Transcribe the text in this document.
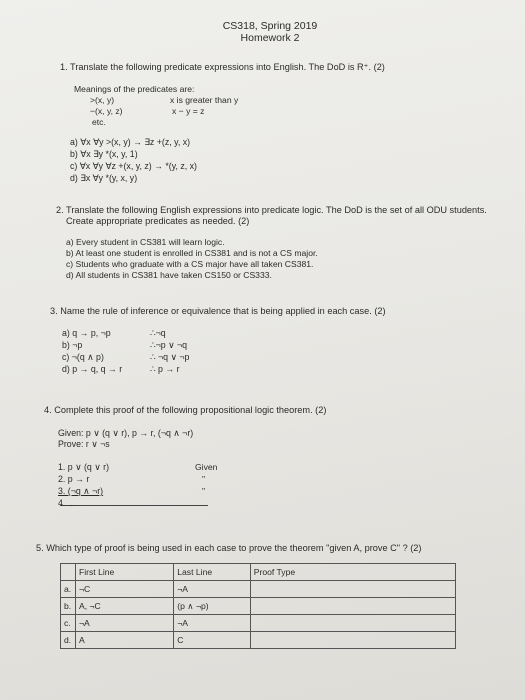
CS318, Spring 2019
Homework 2
1. Translate the following predicate expressions into English. The DoD is R⁺. (2)
Meanings of the predicates are:
>(x, y)	x is greater than y
−(x, y, z)	x − y = z
etc.
a) ∀x ∀y >(x, y) → ∃z +(z, y, x)
b) ∀x ∃y *(x, y, 1)
c) ∀x ∀y ∀z +(x, y, z) → *(y, z, x)
d) ∃x ∀y *(y, x, y)
2. Translate the following English expressions into predicate logic. The DoD is the set of all ODU students.
Create appropriate predicates as needed. (2)
a) Every student in CS381 will learn logic.
b) At least one student is enrolled in CS381 and is not a CS major.
c) Students who graduate with a CS major have all taken CS381.
d) All students in CS381 have taken CS150 or CS333.
3. Name the rule of inference or equivalence that is being applied in each case. (2)
a) q → p, ¬p	∴¬q
b) ¬p	∴¬p ∨ ¬q
c) ¬(q ∧ p)	∴ ¬q ∨ ¬p
d) p → q, q → r	∴ p → r
4. Complete this proof of the following propositional logic theorem. (2)
Given: p ∨ (q ∨ r), p → r, (¬q ∧ ¬r)
Prove: r ∨ ¬s
1. p ∨ (q ∨ r)	Given
2. p → r	"
3. (¬q ∧ ¬r)	"
4. ...
5. Which type of proof is being used in each case to prove the theorem "given A, prove C" ? (2)
	First Line	Last Line	Proof Type
a.	¬C	¬A	
b.	A, ¬C	(p ∧ ¬p)	
c.	¬A	¬A	
d.	A	C	
